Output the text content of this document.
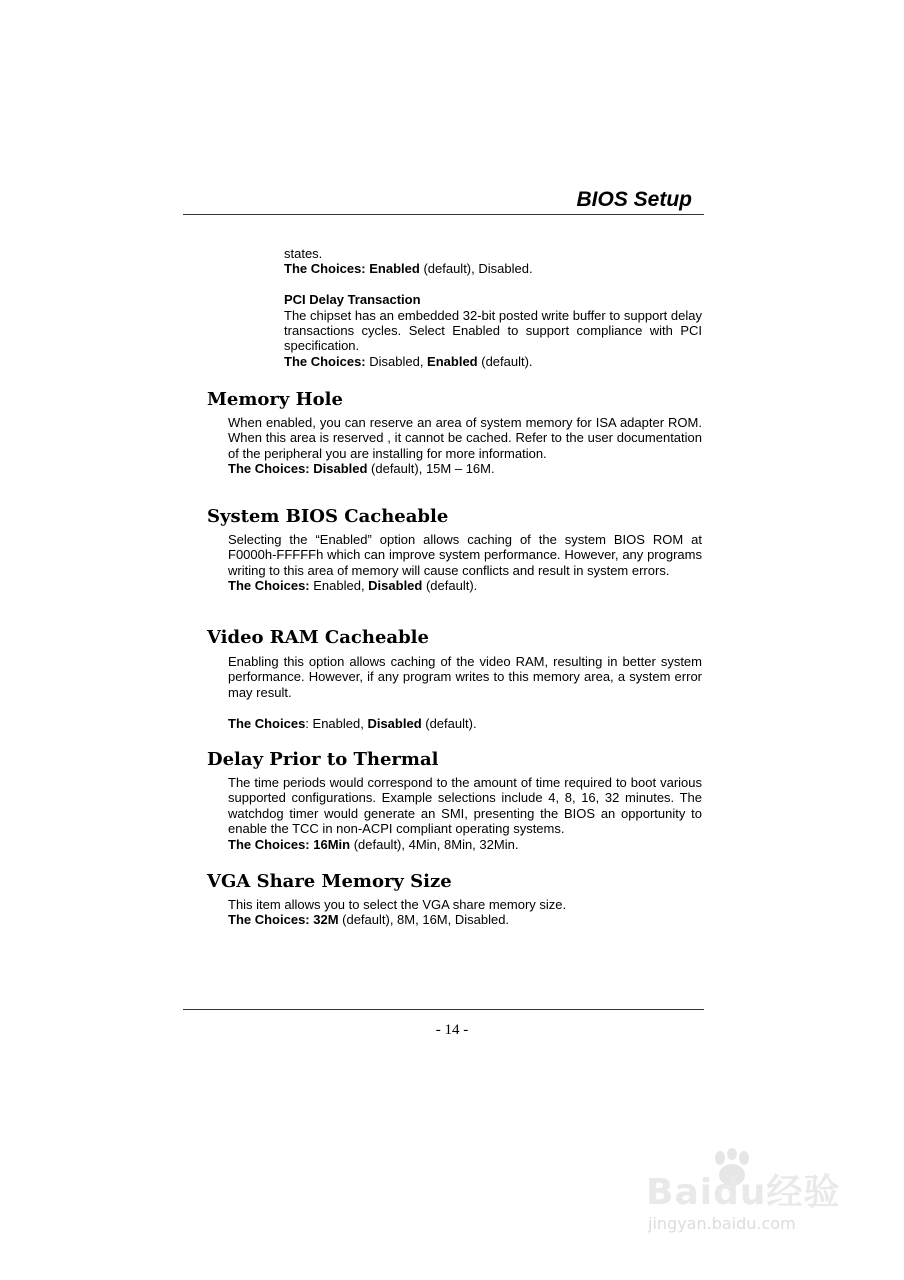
BIOS Setup

states.

The Choices: Enabled (default), Disabled.

PCI Delay Transaction

The chipset has an embedded 32-bit posted write buffer to support delay transactions cycles. Select Enabled to support compliance with PCI specification.

The Choices: Disabled, Enabled (default).

Memory Hole

When enabled, you can reserve an area of system memory for ISA adapter ROM. When this area is reserved , it cannot be cached. Refer to the user documentation of the peripheral you are installing for more information.

The Choices: Disabled (default), 15M – 16M.

System BIOS Cacheable

Selecting the “Enabled” option allows caching of the system BIOS ROM at F0000h-FFFFFh which can improve system performance. However, any programs writing to this area of memory will cause conflicts and result in system errors.

The Choices: Enabled, Disabled (default).

Video RAM Cacheable

Enabling this option allows caching of the video RAM, resulting in better system performance. However, if any program writes to this memory area, a system error may result.

The Choices: Enabled, Disabled (default).

Delay Prior to Thermal

The time periods would correspond to the amount of time required to boot various supported configurations. Example selections include 4, 8, 16, 32 minutes. The watchdog timer would generate an SMI, presenting the BIOS an opportunity to enable the TCC in non-ACPI compliant operating systems.

The Choices: 16Min (default), 4Min, 8Min, 32Min.

VGA Share Memory Size

This item allows you to select the VGA share memory size.

The Choices: 32M (default), 8M, 16M, Disabled.

- 14 -
Baidu经验
jingyan.baidu.com
